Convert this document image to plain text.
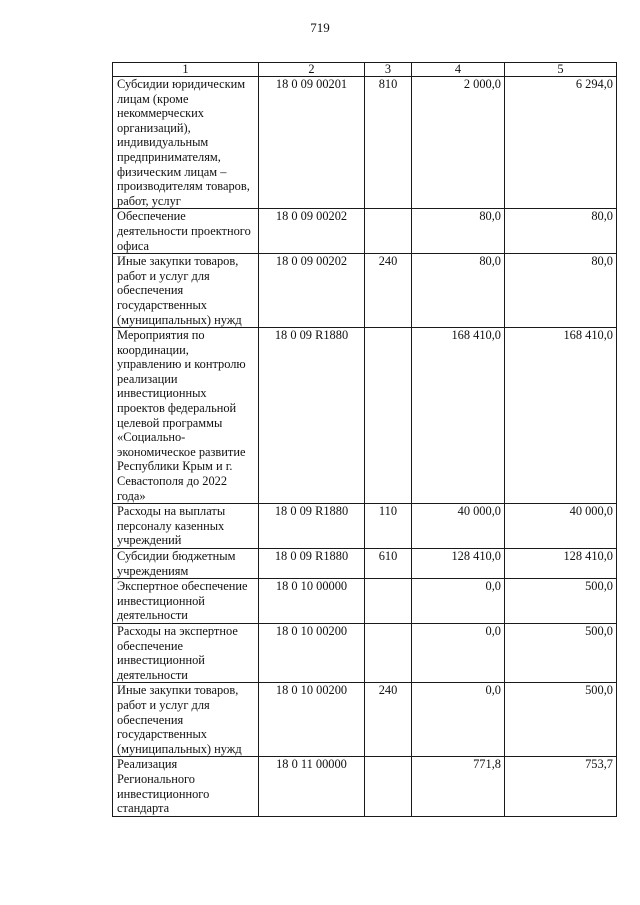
719
1	2	3	4	5
Субсидии юридическим лицам (кроме некоммерческих организаций), индивидуальным предпринимателям, физическим лицам – производителям товаров, работ, услуг	18 0 09 00201	810	2 000,0	6 294,0
Обеспечение деятельности проектного офиса	18 0 09 00202		80,0	80,0
Иные закупки товаров, работ и услуг для обеспечения государственных (муниципальных) нужд	18 0 09 00202	240	80,0	80,0
Мероприятия по координации, управлению и контролю реализации инвестиционных проектов федеральной целевой программы «Социально-экономическое развитие Республики Крым и г. Севастополя до 2022 года»	18 0 09 R1880		168 410,0	168 410,0
Расходы на выплаты персоналу казенных учреждений	18 0 09 R1880	110	40 000,0	40 000,0
Субсидии бюджетным учреждениям	18 0 09 R1880	610	128 410,0	128 410,0
Экспертное обеспечение инвестиционной деятельности	18 0 10 00000		0,0	500,0
Расходы на экспертное обеспечение инвестиционной деятельности	18 0 10 00200		0,0	500,0
Иные закупки товаров, работ и услуг для обеспечения государственных (муниципальных) нужд	18 0 10 00200	240	0,0	500,0
Реализация Регионального инвестиционного стандарта	18 0 11 00000		771,8	753,7
